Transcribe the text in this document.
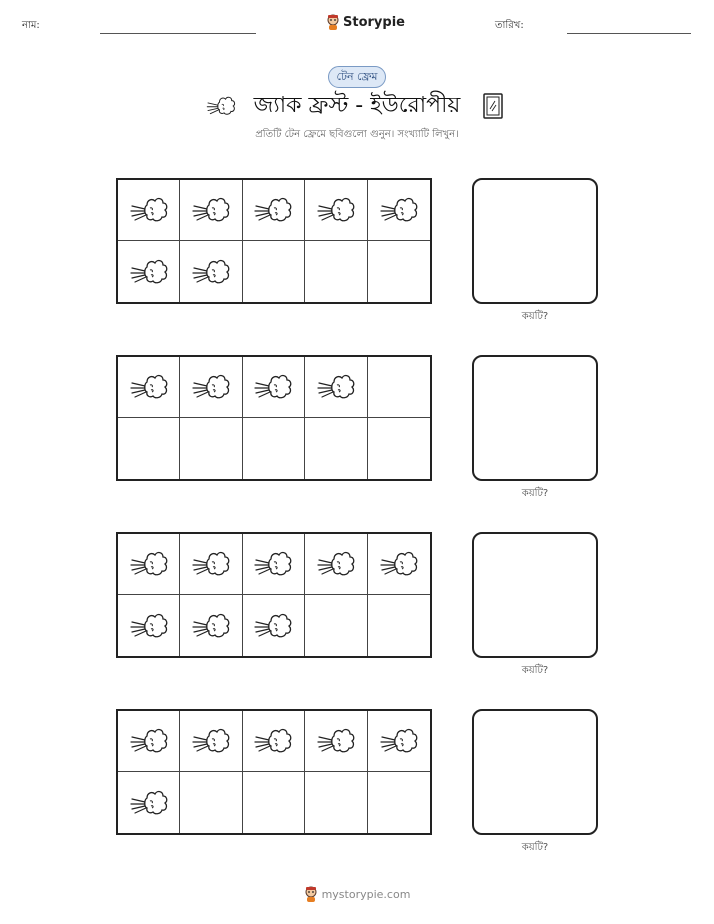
নাম:	Storypie	তারিখ:
টেন ফ্রেম
জ্যাক ফ্রস্ট - ইউরোপীয়
প্রতিটি টেন ফ্রেমে ছবিগুলো গুনুন। সংখ্যাটি লিখুন।
কয়টি?
কয়টি?
কয়টি?
কয়টি?
mystorypie.com
